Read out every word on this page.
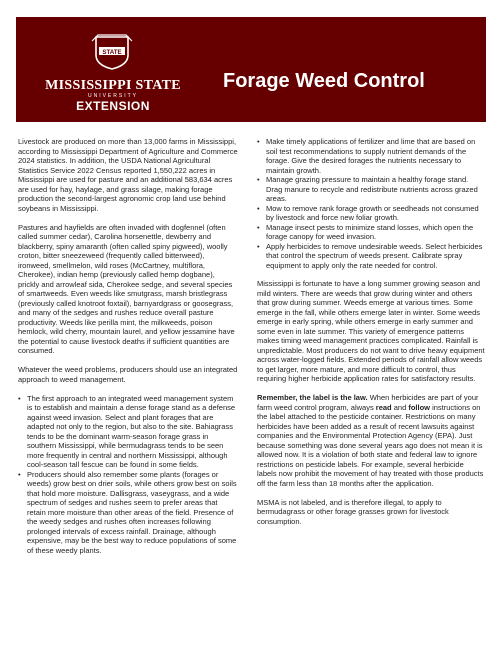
STATE
MISSISSIPPI STATE
UNIVERSITY
EXTENSION
Forage Weed Control

Livestock are produced on more than 13,000 farms in Mississippi, according to Mississippi Department of Agriculture and Commerce 2024 statistics. In addition, the USDA National Agricultural Statistics Service 2022 Census reported 1,550,222 acres in Mississippi are used for pasture and an additional 583,634 acres are used for hay, haylage, and grass silage, making forage production the second-largest agronomic crop land use behind soybeans in Mississippi.

Pastures and hayfields are often invaded with dogfennel (often called summer cedar), Carolina horsenettle, dewberry and blackberry, spiny amaranth (often called spiny pigweed), woolly croton, bitter sneezeweed (frequently called bitterweed), ironweed, smellmelon, wild roses (McCartney, multiflora, Cherokee), indian hemp (previously called hemp dogbane), prickly and arrowleaf sida, Cherokee sedge, and several species of smartweeds. Even weeds like smutgrass, marsh bristlegrass (previously called knotroot foxtail), barnyardgrass or goosegrass, and many of the sedges and rushes reduce overall pasture productivity. Weeds like perilla mint, the milkweeds, poison hemlock, wild cherry, mountain laurel, and yellow jessamine have the potential to cause livestock deaths if sufficient quantities are consumed.

Whatever the weed problems, producers should use an integrated approach to weed management.

• The first approach to an integrated weed management system is to establish and maintain a dense forage stand as a defense against weed invasion. Select and plant forages that are adapted not only to the region, but also to the site. Bahiagrass tends to be the dominant warm-season forage grass in southern Mississippi, while bermudagrass tends to be seen more frequently in central and northern Mississippi, although cool-season tall fescue can be found in some fields.
• Producers should also remember some plants (forages or weeds) grow best on drier soils, while others grow best on soils that hold more moisture. Dallisgrass, vaseygrass, and a wide spectrum of sedges and rushes seem to prefer areas that retain more moisture than other areas of the field. Presence of the weedy sedges and rushes often increases following prolonged intervals of excess rainfall. Drainage, although expensive, may be the best way to reduce populations of some of these weedy plants.
• Make timely applications of fertilizer and lime that are based on soil test recommendations to supply nutrient demands of the forage. Give the desired forages the nutrients necessary to maintain growth.
• Manage grazing pressure to maintain a healthy forage stand. Drag manure to recycle and redistribute nutrients across grazed areas.
• Mow to remove rank forage growth or seedheads not consumed by livestock and force new foliar growth.
• Manage insect pests to minimize stand losses, which open the forage canopy for weed invasion.
• Apply herbicides to remove undesirable weeds. Select herbicides that control the spectrum of weeds present. Calibrate spray equipment to apply only the rate needed for control.

Mississippi is fortunate to have a long summer growing season and mild winters. There are weeds that grow during winter and others that grow during summer. Weeds emerge at various times. Some emerge in the fall, while others emerge later in winter. Some weeds emerge in early spring, while others emerge in early summer and some even in late summer. This variety of emergence patterns makes timing weed management practices complicated. Rainfall is unpredictable. Most producers do not want to drive heavy equipment across water-logged fields. Extended periods of rainfall allow weeds to get larger, more mature, and more difficult to control, thus requiring higher herbicide application rates for satisfactory results.

Remember, the label is the law. When herbicides are part of your farm weed control program, always read and follow instructions on the label attached to the pesticide container. Restrictions on many herbicides have been added as a result of recent lawsuits against companies and the Environmental Protection Agency (EPA). Just because something was done several years ago does not mean it is allowed now. It is a violation of both state and federal law to ignore restrictions on pesticide labels. For example, several herbicide labels now prohibit the movement of hay treated with those products off the farm less than 18 months after the application.

MSMA is not labeled, and is therefore illegal, to apply to bermudagrass or other forage grasses grown for livestock consumption.
